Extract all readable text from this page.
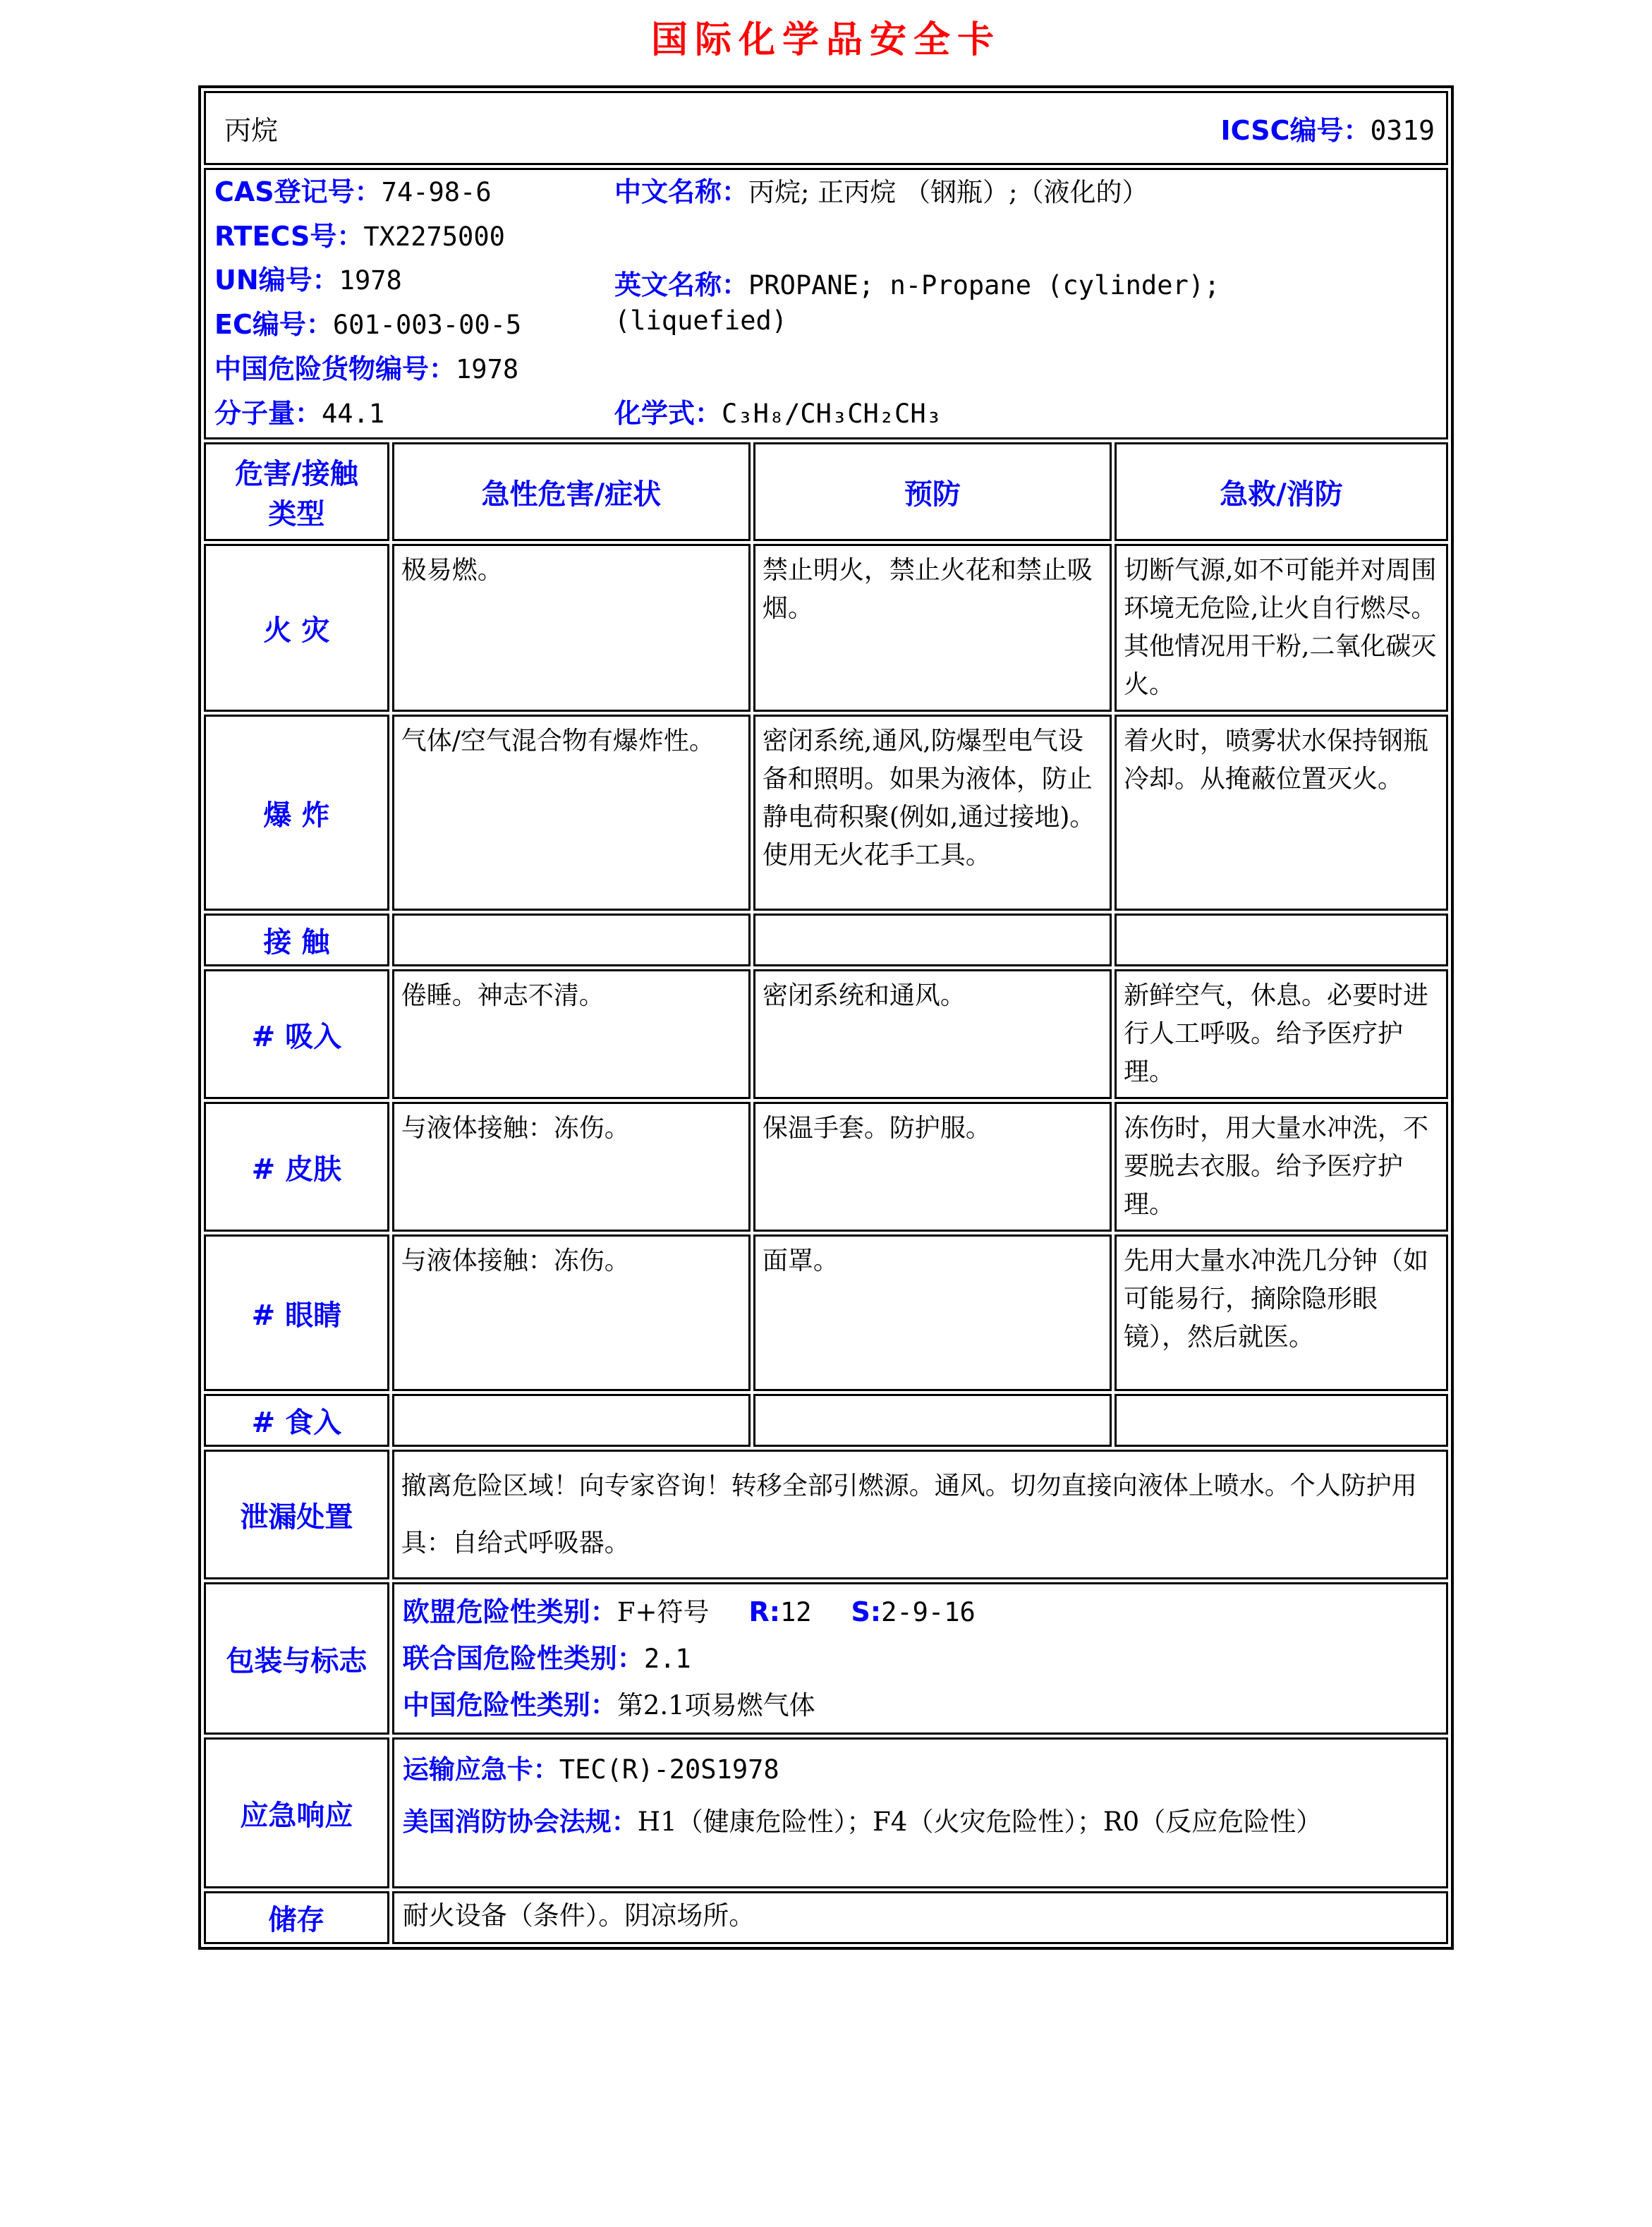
国际化学品安全卡
丙烷 ICSC编号：0319			

CAS登记号：74-98-6
RTECS号：TX2275000
UN编号：1978
EC编号：601-003-00-5
中国危险货物编号：1978
分子量：44.1
中文名称：丙烷; 正丙烷 （钢瓶）;（液化的）
英文名称：PROPANE; n-Propane (cylinder); (liquefied)
化学式：C₃H₈/CH₃CH₂CH₃

危害/接触
类型	急性危害/症状	预防	急救/消防
火 灾	极易燃。	禁止明火，禁止火花和禁止吸烟。	切断气源,如不可能并对周围环境无危险,让火自行燃尽。其他情况用干粉,二氧化碳灭火。
爆 炸	气体/空气混合物有爆炸性。	密闭系统,通风,防爆型电气设备和照明。如果为液体，防止静电荷积聚(例如,通过接地)。使用无火花手工具。	着火时，喷雾状水保持钢瓶冷却。从掩蔽位置灭火。
接 触			
# 吸入	倦睡。神志不清。	密闭系统和通风。	新鲜空气，休息。必要时进行人工呼吸。给予医疗护理。
# 皮肤	与液体接触：冻伤。	保温手套。防护服。	冻伤时，用大量水冲洗，不要脱去衣服。给予医疗护理。
# 眼睛	与液体接触：冻伤。	面罩。	先用大量水冲洗几分钟（如可能易行，摘除隐形眼镜），然后就医。
# 食入			
泄漏处置	撤离危险区域！向专家咨询！转移全部引燃源。通风。切勿直接向液体上喷水。个人防护用具：自给式呼吸器。		
包装与标志	欧盟危险性类别：F+符号 R:12 S:2-9-16
联合国危险性类别：2.1
中国危险性类别：第2.1项易燃气体		

应急响应	运输应急卡：TEC(R)-20S1978
美国消防协会法规：H1（健康危险性）；F4（火灾危险性）；R0（反应危险性）		

储存	耐火设备（条件）。阴凉场所。		
